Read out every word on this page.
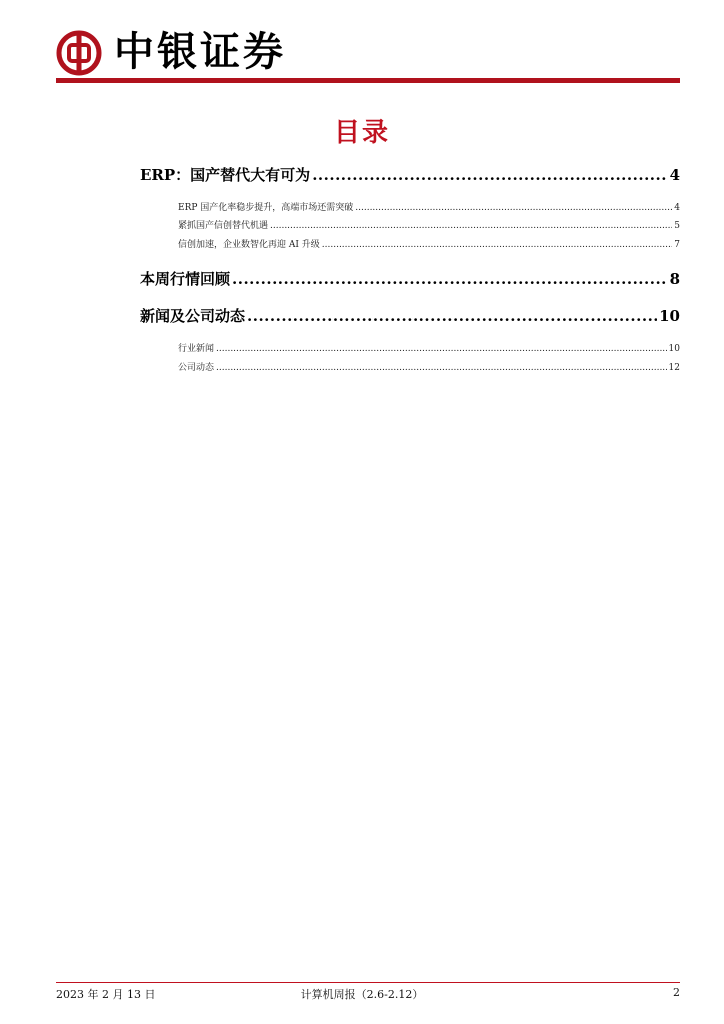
中银证券
目录
ERP：国产替代大有可为 .....	4
ERP 国产化率稳步提升，高端市场还需突破 .....	4
紧抓国产信创替代机遇 .....	5
信创加速，企业数智化再迎 AI 升级 .....	7
本周行情回顾 .....	8
新闻及公司动态 .....	10
行业新闻 .....	10
公司动态 .....	12
2023 年 2 月 13 日	计算机周报（2.6-2.12）	2
